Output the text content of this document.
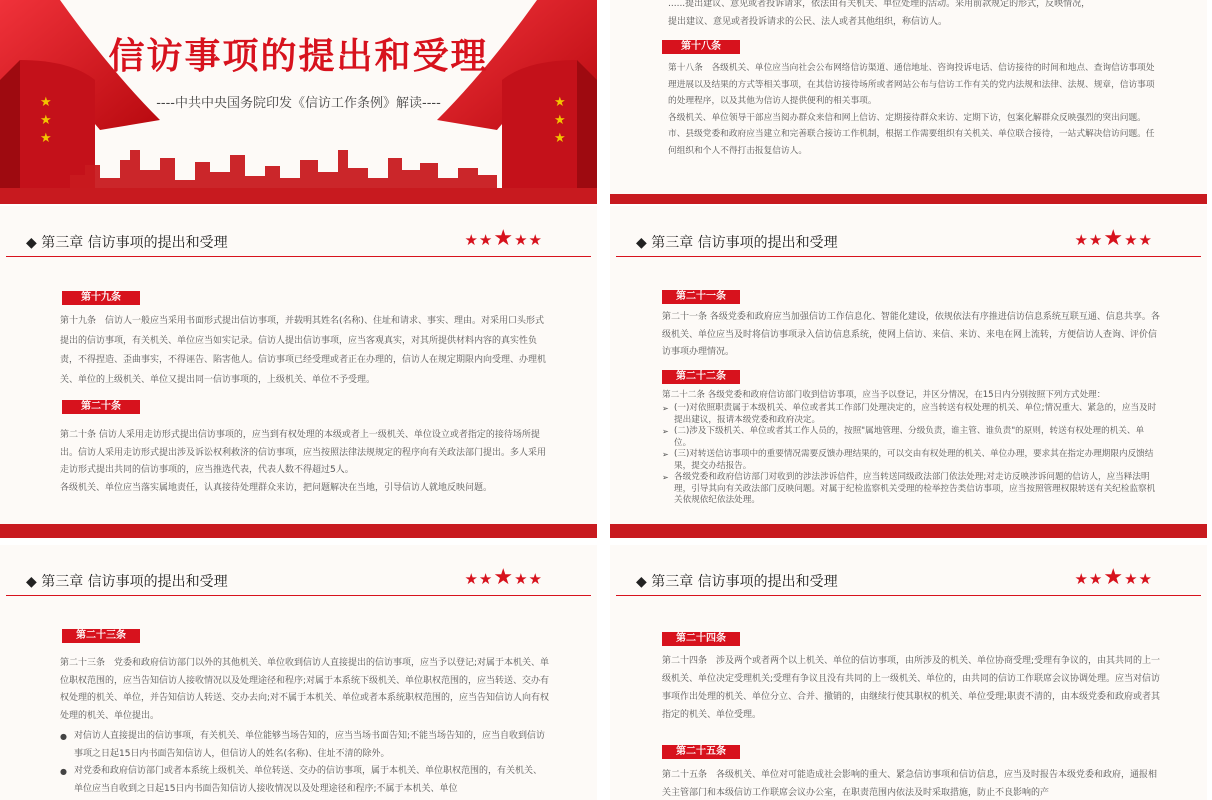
★
★
★
★
★
★
信访事项的提出和受理
----中共中央国务院印发《信访工作条例》解读----

......提出建议、意见或者投诉请求，依法由有关机关、单位处理的活动。采用前款规定的形式，反映情况，

提出建议、意见或者投诉请求的公民、法人或者其他组织，称信访人。

第十八条

第十八条　各级机关、单位应当向社会公布网络信访渠道、通信地址、咨询投诉电话、信访接待的时间和地点、查询信访事项处理进展以及结果的方式等相关事项，在其信访接待场所或者网站公布与信访工作有关的党内法规和法律、法规、规章，信访事项的处理程序，以及其他为信访人提供便利的相关事项。

各级机关、单位领导干部应当阅办群众来信和网上信访、定期接待群众来访、定期下访，包案化解群众反映强烈的突出问题。市、县级党委和政府应当建立和完善联合接访工作机制，根据工作需要组织有关机关、单位联合接待，一站式解决信访问题。任何组织和个人不得打击报复信访人。

◆ 第三章 信访事项的提出和受理	★★★★★
第十九条
第十九条　信访人一般应当采用书面形式提出信访事项，并载明其姓名(名称)、住址和请求、事实、理由。对采用口头形式提出的信访事项，有关机关、单位应当如实记录。信访人提出信访事项，应当客观真实，对其所提供材料内容的真实性负责，不得捏造、歪曲事实，不得诬告、陷害他人。信访事项已经受理或者正在办理的，信访人在规定期限内向受理、办理机关、单位的上级机关、单位又提出同一信访事项的，上级机关、单位不予受理。
第二十条

第二十条 信访人采用走访形式提出信访事项的，应当到有权处理的本级或者上一级机关、单位设立或者指定的接待场所提出。信访人采用走访形式提出涉及诉讼权利救济的信访事项，应当按照法律法规规定的程序向有关政法部门提出。多人采用走访形式提出共同的信访事项的，应当推选代表，代表人数不得超过5人。

各级机关、单位应当落实属地责任，认真接待处理群众来访，把问题解决在当地，引导信访人就地反映问题。

◆ 第三章 信访事项的提出和受理	★★★★★
第二十一条
第二十一条 各级党委和政府应当加强信访工作信息化、智能化建设，依规依法有序推进信访信息系统互联互通、信息共享。各级机关、单位应当及时将信访事项录入信访信息系统，使网上信访、来信、来访、来电在网上流转，方便信访人查询、评价信访事项办理情况。
第二十二条
第二十二条 各级党委和政府信访部门收到信访事项，应当予以登记，并区分情况，在15日内分别按照下列方式处理：
➢ (一)对依照职责属于本级机关、单位或者其工作部门处理决定的，应当转送有权处理的机关、单位;情况重大、紧急的，应当及时提出建议，报请本级党委和政府决定。
➢ (二)涉及下级机关、单位或者其工作人员的，按照"属地管理、分级负责，谁主管、谁负责"的原则，转送有权处理的机关、单位。
➢ (三)对转送信访事项中的重要情况需要反馈办理结果的，可以交由有权处理的机关、单位办理，要求其在指定办理期限内反馈结果，提交办结报告。
➢ 各级党委和政府信访部门对收到的涉法涉诉信件，应当转送同级政法部门依法处理;对走访反映涉诉问题的信访人，应当释法明理，引导其向有关政法部门反映问题。对属于纪检监察机关受理的检举控告类信访事项，应当按照管理权限转送有关纪检监察机关依规依纪依法处理。
◆ 第三章 信访事项的提出和受理	★★★★★
第二十三条
第二十三条　党委和政府信访部门以外的其他机关、单位收到信访人直接提出的信访事项，应当予以登记;对属于本机关、单位职权范围的，应当告知信访人接收情况以及处理途径和程序;对属于本系统下级机关、单位职权范围的，应当转送、交办有权处理的机关、单位，并告知信访人转送、交办去向;对不属于本机关、单位或者本系统职权范围的，应当告知信访人向有权处理的机关、单位提出。
● 对信访人直接提出的信访事项，有关机关、单位能够当场告知的，应当当场书面告知;不能当场告知的，应当自收到信访事项之日起15日内书面告知信访人，但信访人的姓名(名称)、住址不清的除外。
● 对党委和政府信访部门或者本系统上级机关、单位转送、交办的信访事项，属于本机关、单位职权范围的，有关机关、单位应当自收到之日起15日内书面告知信访人接收情况以及处理途径和程序;不属于本机关、单位
◆ 第三章 信访事项的提出和受理	★★★★★
第二十四条
第二十四条　涉及两个或者两个以上机关、单位的信访事项，由所涉及的机关、单位协商受理;受理有争议的，由其共同的上一级机关、单位决定受理机关;受理有争议且没有共同的上一级机关、单位的，由共同的信访工作联席会议协调处理。应当对信访事项作出处理的机关、单位分立、合并、撤销的，由继续行使其职权的机关、单位受理;职责不清的，由本级党委和政府或者其指定的机关、单位受理。
第二十五条
第二十五条　各级机关、单位对可能造成社会影响的重大、紧急信访事项和信访信息，应当及时报告本级党委和政府，通报相关主管部门和本级信访工作联席会议办公室，在职责范围内依法及时采取措施，防止不良影响的产
